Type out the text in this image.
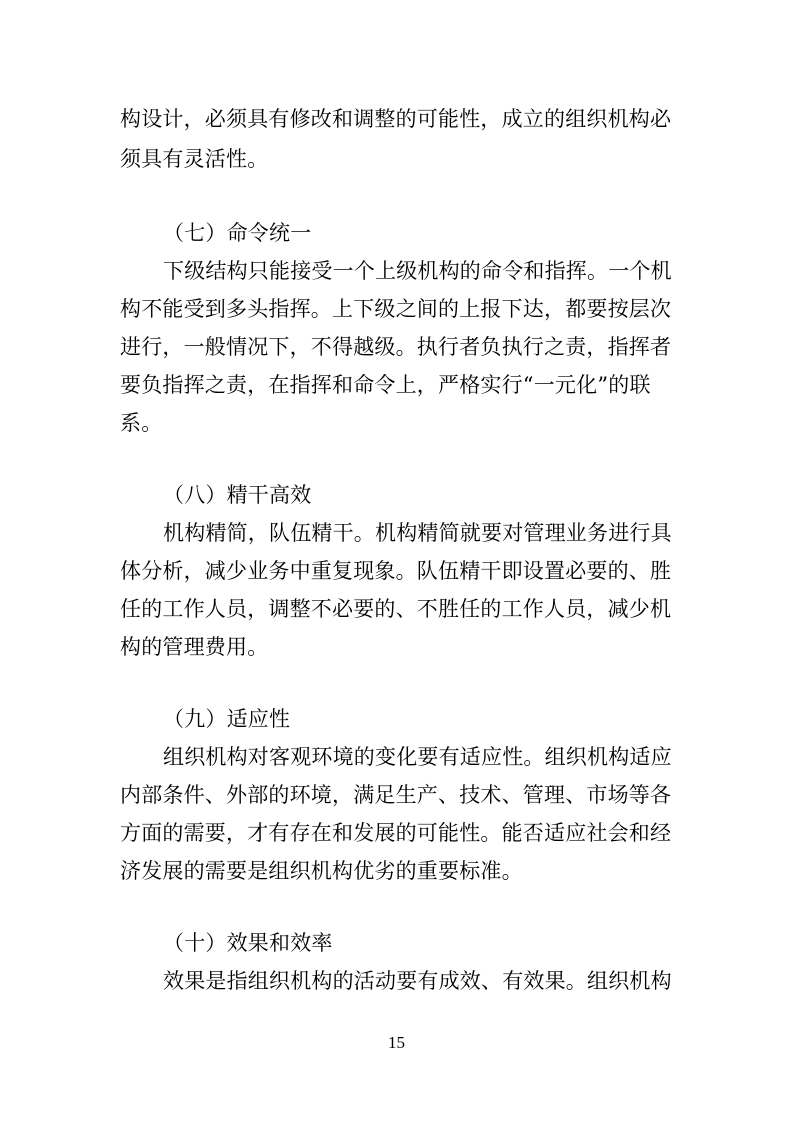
构设计，必须具有修改和调整的可能性，成立的组织机构必
须具有灵活性。
（七）命令统一
下级结构只能接受一个上级机构的命令和指挥。一个机
构不能受到多头指挥。上下级之间的上报下达，都要按层次
进行，一般情况下，不得越级。执行者负执行之责，指挥者
要负指挥之责，在指挥和命令上，严格实行“一元化”的联
系。
（八）精干高效
机构精简，队伍精干。机构精简就要对管理业务进行具
体分析，减少业务中重复现象。队伍精干即设置必要的、胜
任的工作人员，调整不必要的、不胜任的工作人员，减少机
构的管理费用。
（九）适应性
组织机构对客观环境的变化要有适应性。组织机构适应
内部条件、外部的环境，满足生产、技术、管理、市场等各
方面的需要，才有存在和发展的可能性。能否适应社会和经
济发展的需要是组织机构优劣的重要标准。
（十）效果和效率
效果是指组织机构的活动要有成效、有效果。组织机构
15
